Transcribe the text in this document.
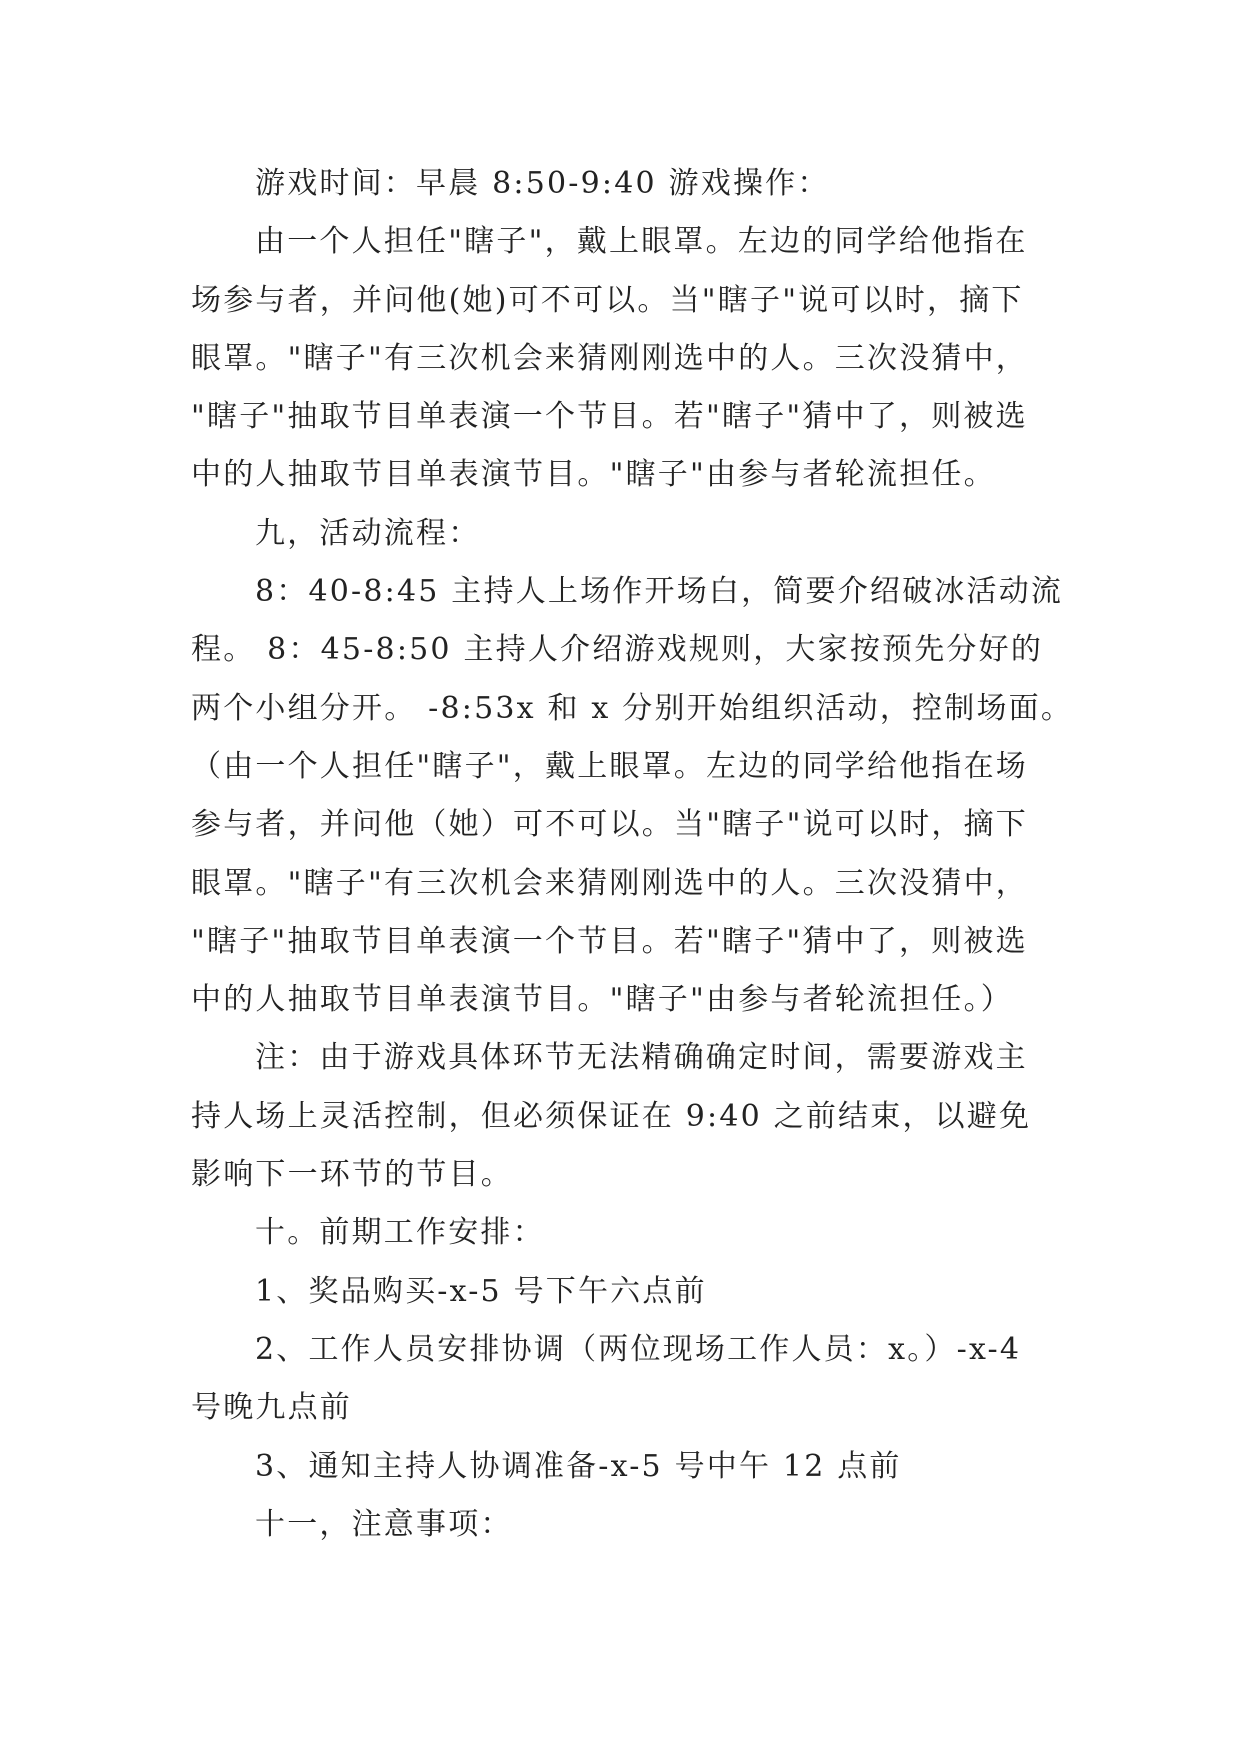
游戏时间：早晨 8:50-9:40 游戏操作：
由一个人担任"瞎子"，戴上眼罩。左边的同学给他指在
场参与者，并问他(她)可不可以。当"瞎子"说可以时，摘下
眼罩。"瞎子"有三次机会来猜刚刚选中的人。三次没猜中，
"瞎子"抽取节目单表演一个节目。若"瞎子"猜中了，则被选
中的人抽取节目单表演节目。"瞎子"由参与者轮流担任。
九，活动流程：
8：40-8:45 主持人上场作开场白，简要介绍破冰活动流
程。 8：45-8:50 主持人介绍游戏规则，大家按预先分好的
两个小组分开。 -8:53x 和 x 分别开始组织活动，控制场面。
（由一个人担任"瞎子"，戴上眼罩。左边的同学给他指在场
参与者，并问他（她）可不可以。当"瞎子"说可以时，摘下
眼罩。"瞎子"有三次机会来猜刚刚选中的人。三次没猜中，
"瞎子"抽取节目单表演一个节目。若"瞎子"猜中了，则被选
中的人抽取节目单表演节目。"瞎子"由参与者轮流担任。）
注：由于游戏具体环节无法精确确定时间，需要游戏主
持人场上灵活控制，但必须保证在 9:40 之前结束，以避免
影响下一环节的节目。
十。前期工作安排：
1、奖品购买-x-5 号下午六点前
2、工作人员安排协调（两位现场工作人员：x。）-x-4
号晚九点前
3、通知主持人协调准备-x-5 号中午 12 点前
十一，注意事项：
